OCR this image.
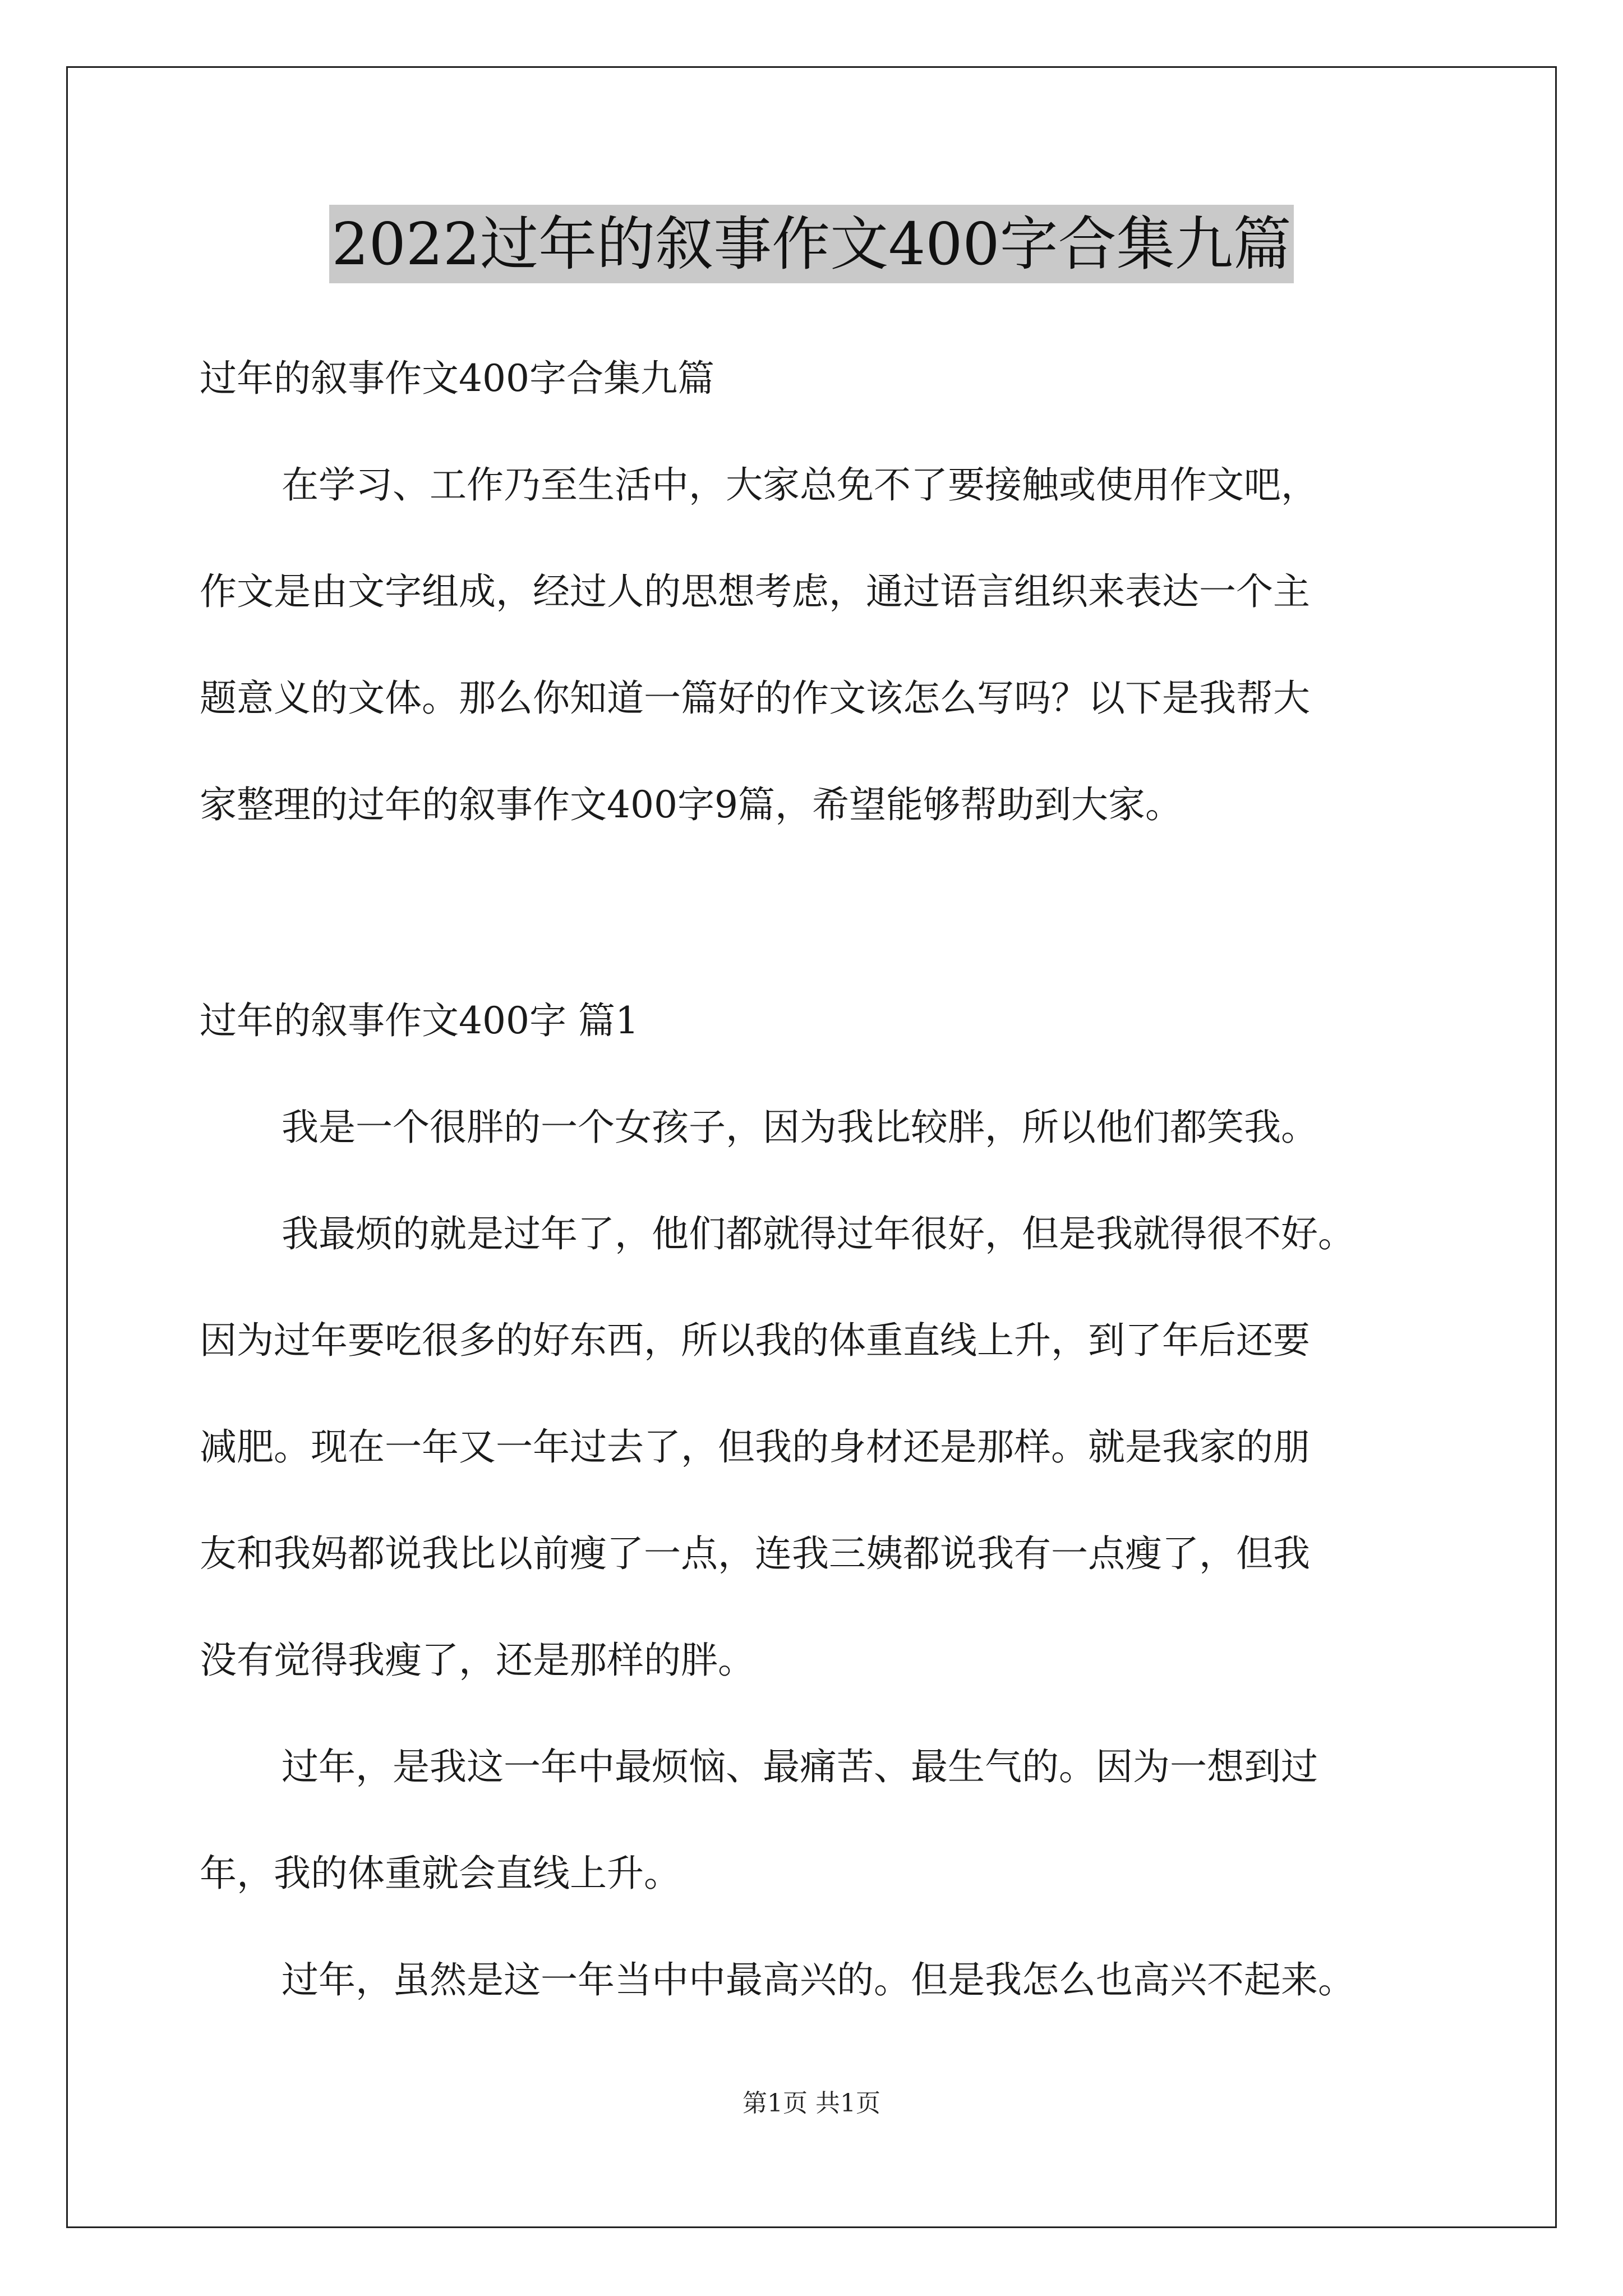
2022过年的叙事作文400字合集九篇
过年的叙事作文400字合集九篇
在学习、工作乃至生活中，大家总免不了要接触或使用作文吧，
作文是由文字组成，经过人的思想考虑，通过语言组织来表达一个主
题意义的文体。那么你知道一篇好的作文该怎么写吗？以下是我帮大
家整理的过年的叙事作文400字9篇，希望能够帮助到大家。
过年的叙事作文400字 篇1
我是一个很胖的一个女孩子，因为我比较胖，所以他们都笑我。
我最烦的就是过年了，他们都就得过年很好，但是我就得很不好。
因为过年要吃很多的好东西，所以我的体重直线上升，到了年后还要
减肥。现在一年又一年过去了，但我的身材还是那样。就是我家的朋
友和我妈都说我比以前瘦了一点，连我三姨都说我有一点瘦了，但我
没有觉得我瘦了，还是那样的胖。
过年，是我这一年中最烦恼、最痛苦、最生气的。因为一想到过
年，我的体重就会直线上升。
过年，虽然是这一年当中中最高兴的。但是我怎么也高兴不起来。
第1页 共1页
